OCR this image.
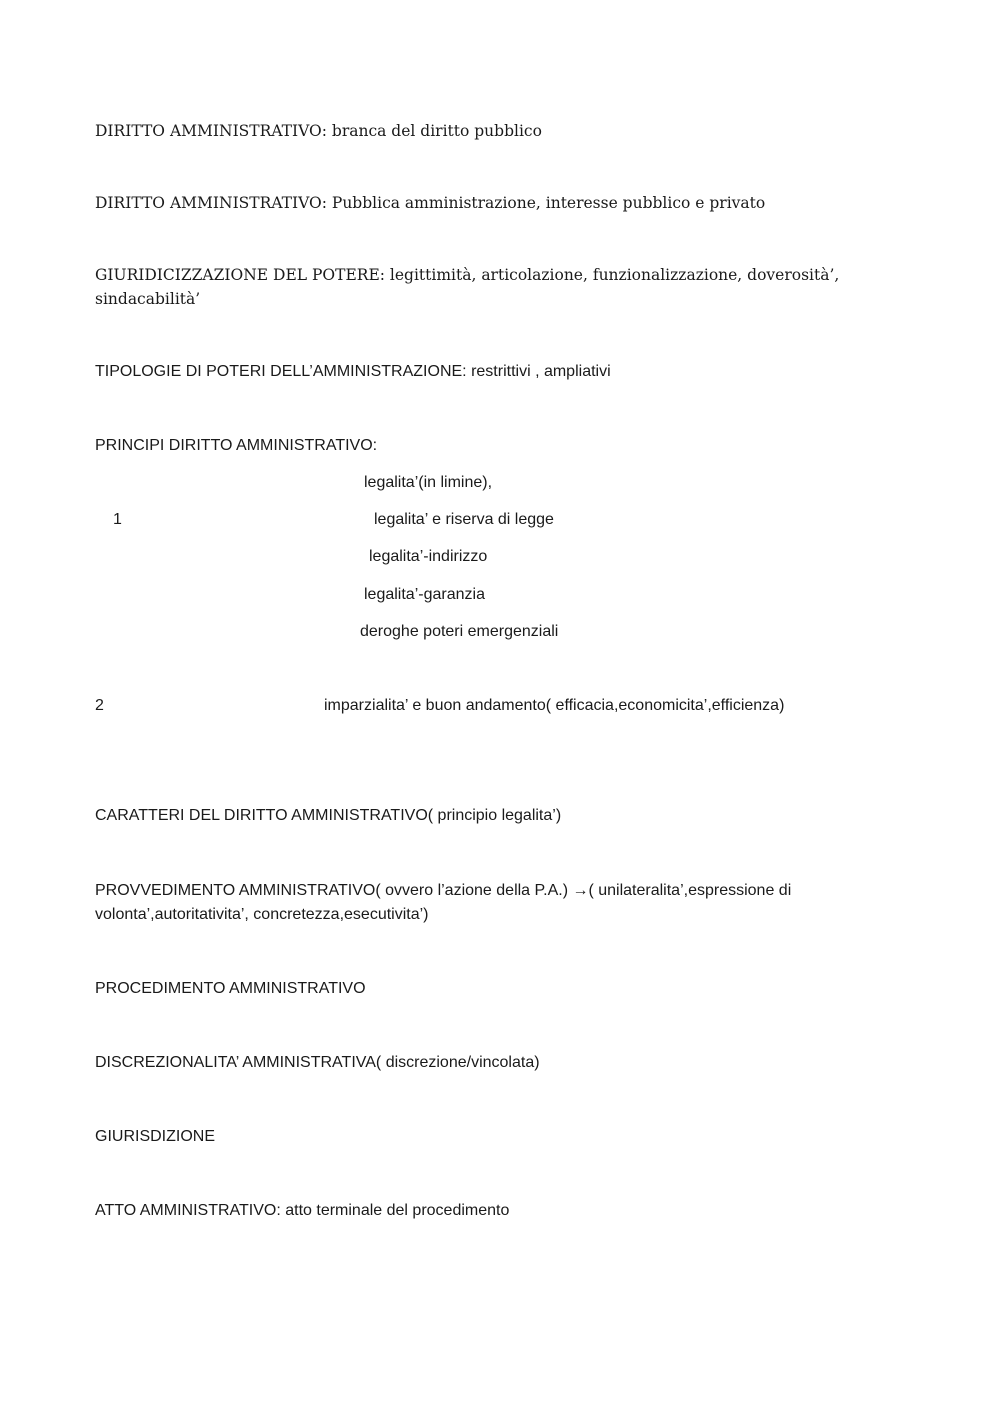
DIRITTO AMMINISTRATIVO: branca del diritto pubblico
DIRITTO AMMINISTRATIVO: Pubblica amministrazione, interesse pubblico e privato
GIURIDICIZZAZIONE DEL POTERE: legittimità, articolazione, funzionalizzazione, doverosità’, sindacabilità’
TIPOLOGIE DI POTERI DELL’AMMINISTRAZIONE: restrittivi , ampliativi
PRINCIPI DIRITTO AMMINISTRATIVO:
legalita’(in limine),
1	legalita’ e riserva di legge
legalita’-indirizzo
legalita’-garanzia
deroghe poteri emergenziali
2	imparzialita’ e buon andamento( efficacia,economicita’,efficienza)
CARATTERI DEL DIRITTO AMMINISTRATIVO( principio legalita’)
PROVVEDIMENTO AMMINISTRATIVO( ovvero l’azione della P.A.) →( unilateralita’,espressione di volonta’,autoritativita’, concretezza,esecutivita’)
PROCEDIMENTO AMMINISTRATIVO
DISCREZIONALITA’ AMMINISTRATIVA( discrezione/vincolata)
GIURISDIZIONE
ATTO AMMINISTRATIVO: atto terminale del procedimento
